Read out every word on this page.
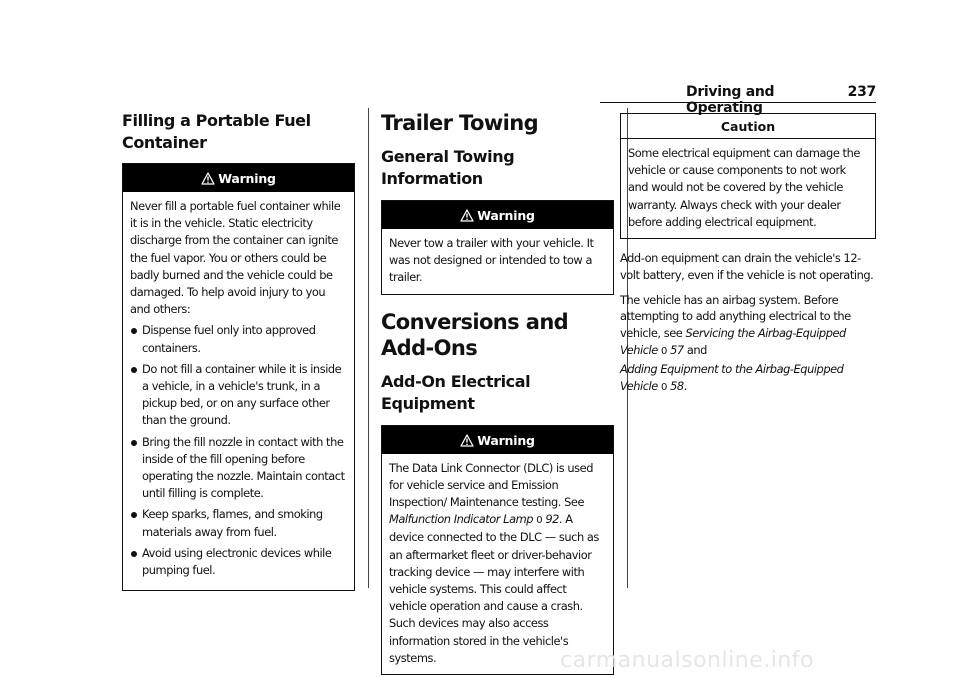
Driving and Operating
237
Filling a Portable Fuel Container
Warning

Never fill a portable fuel container while it is in the vehicle. Static electricity discharge from the container can ignite the fuel vapor. You or others could be badly burned and the vehicle could be damaged. To help avoid injury to you and others:

Dispense fuel only into approved containers.
Do not fill a container while it is inside a vehicle, in a vehicle's trunk, in a pickup bed, or on any surface other than the ground.
Bring the fill nozzle in contact with the inside of the fill opening before operating the nozzle. Maintain contact until filling is complete.
Keep sparks, flames, and smoking materials away from fuel.
Avoid using electronic devices while pumping fuel.
Trailer Towing
General Towing Information
Warning

Never tow a trailer with your vehicle. It was not designed or intended to tow a trailer.

Conversions and Add-Ons
Add-On Electrical Equipment
Warning

The Data Link Connector (DLC) is used for vehicle service and Emission Inspection/ Maintenance testing. See Malfunction Indicator Lamp 0 92. A device connected to the DLC — such as an aftermarket fleet or driver-behavior tracking device — may interfere with vehicle systems. This could affect vehicle operation and cause a crash. Such devices may also access information stored in the vehicle's systems.

Caution

Some electrical equipment can damage the vehicle or cause components to not work and would not be covered by the vehicle warranty. Always check with your dealer before adding electrical equipment.

Add-on equipment can drain the vehicle's 12-volt battery, even if the vehicle is not operating.

The vehicle has an airbag system. Before attempting to add anything electrical to the vehicle, see Servicing the Airbag-Equipped Vehicle 0 57 and
Adding Equipment to the Airbag-Equipped Vehicle 0 58.

carmanualsonline.info
